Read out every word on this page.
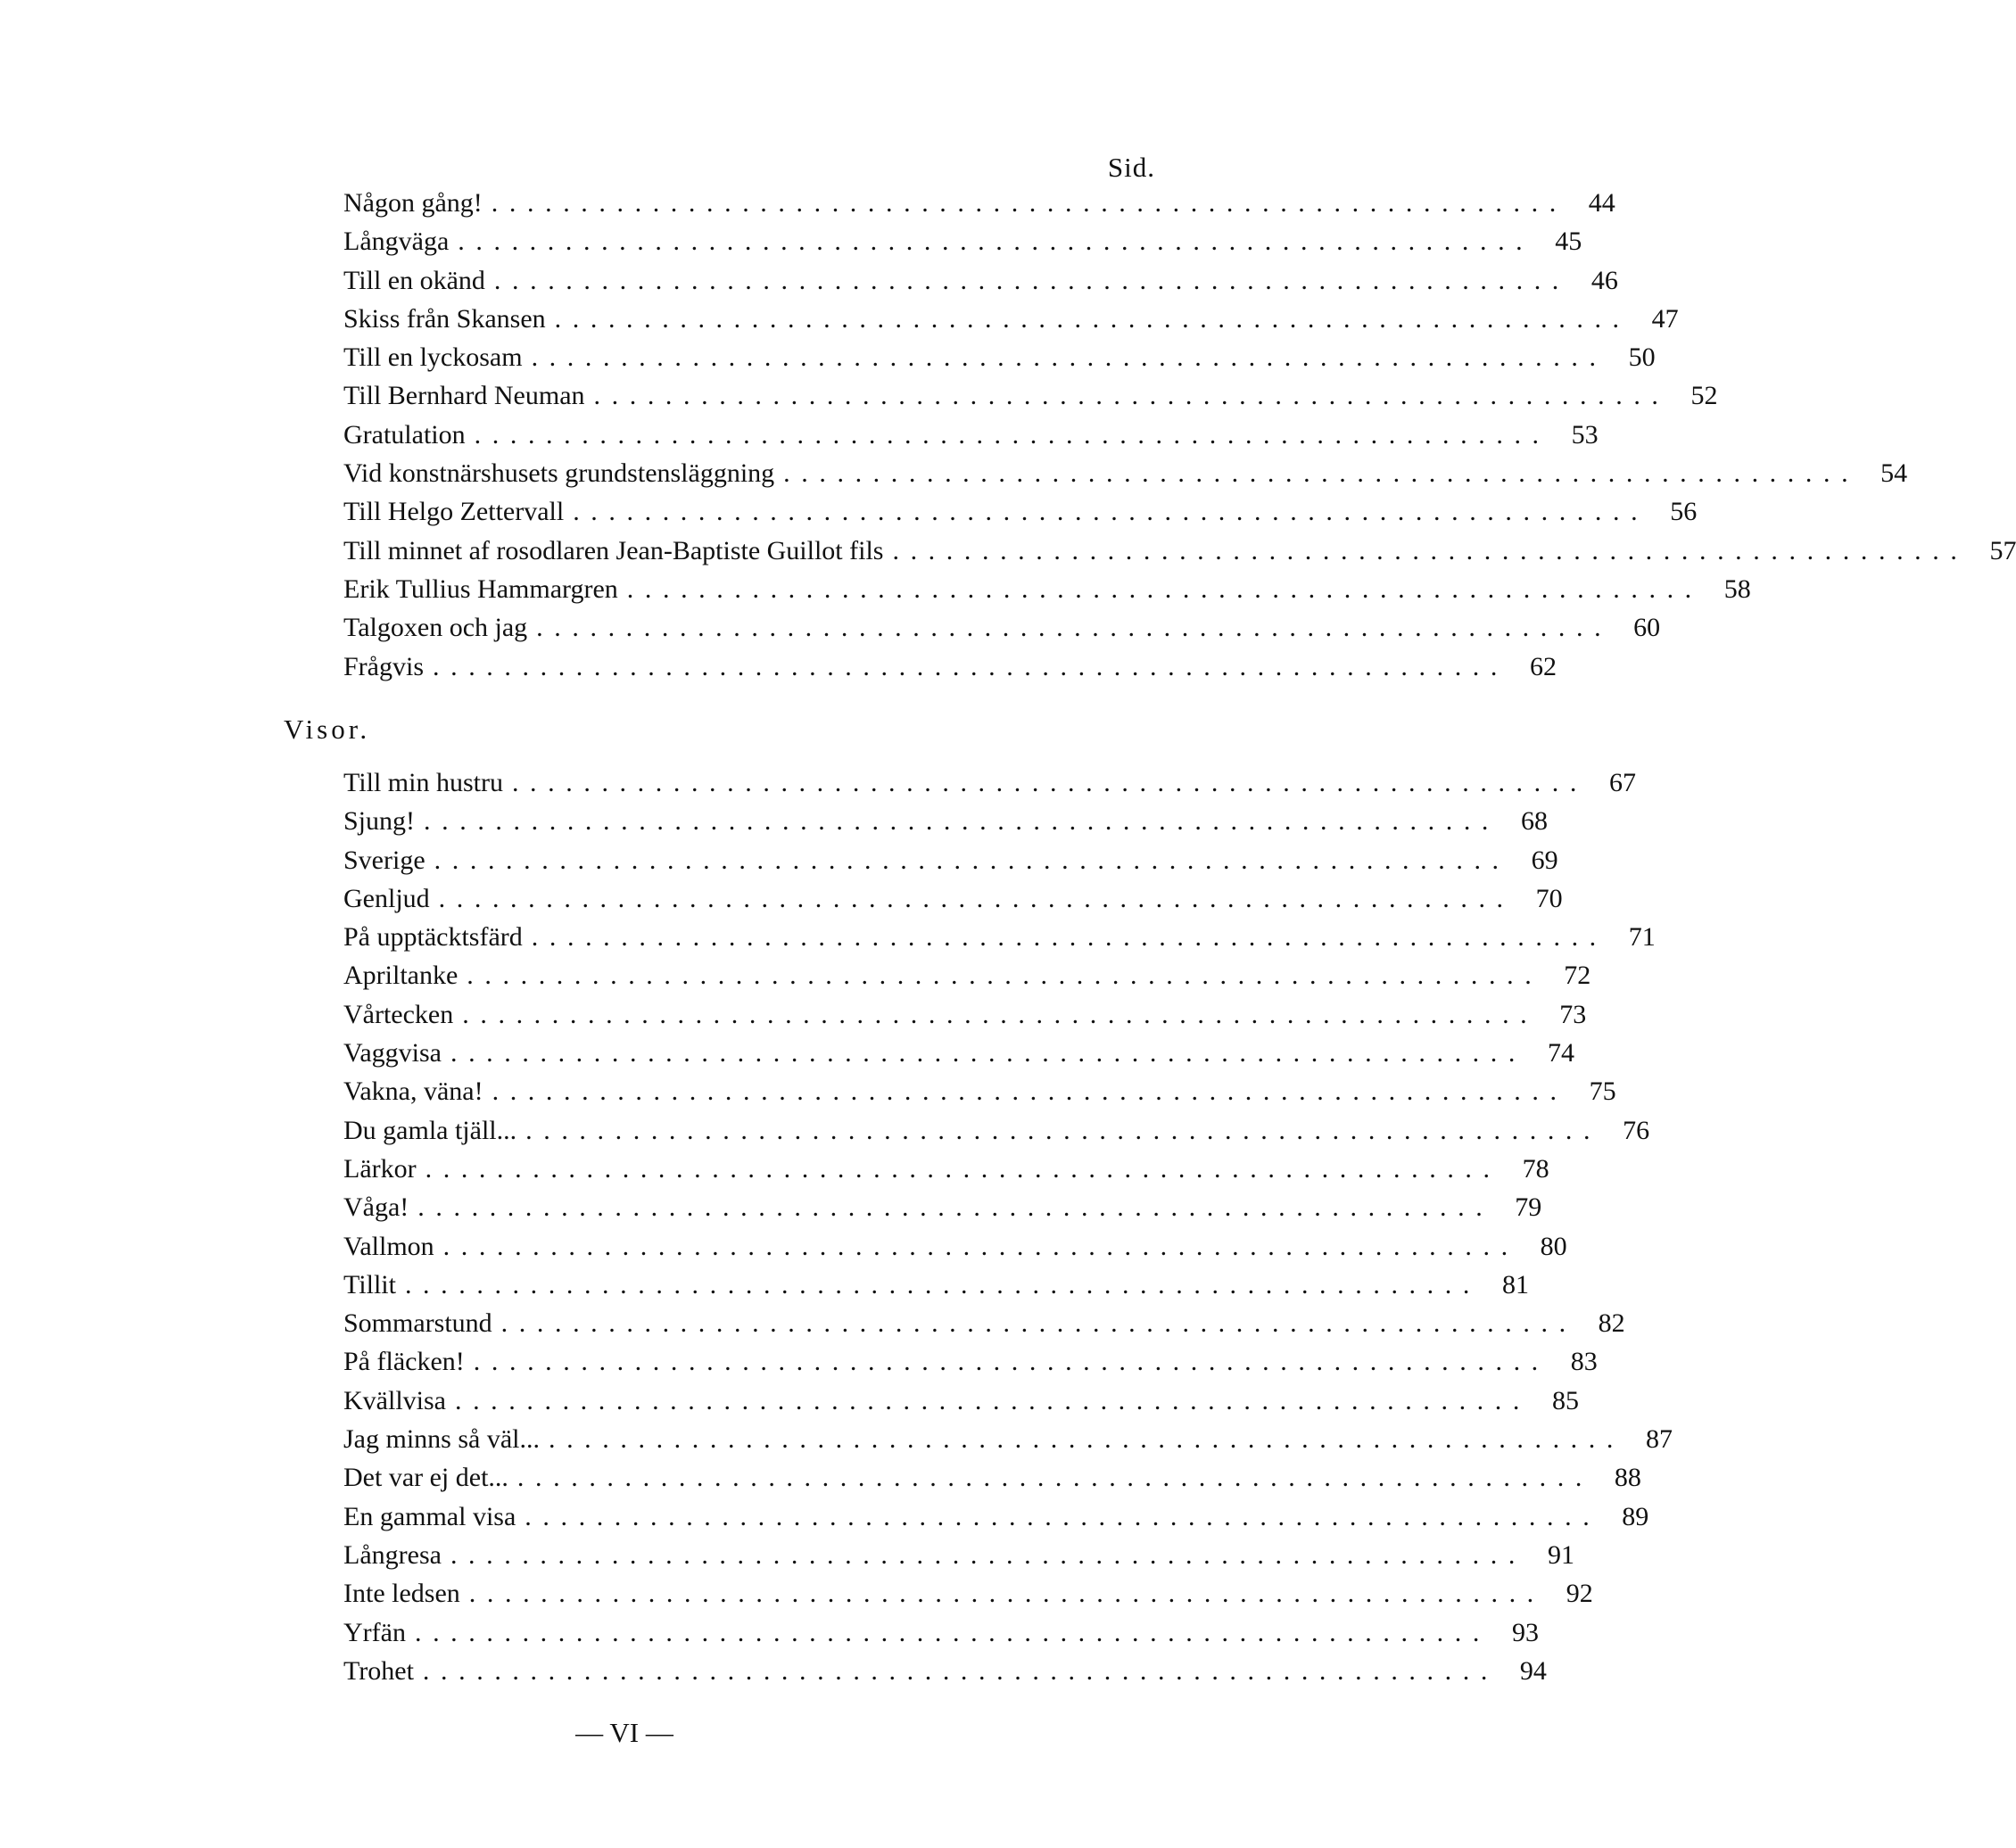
Sid.
Någon gång! ............................................................ 44
Långväga ............................................................ 45
Till en okänd ............................................................ 46
Skiss från Skansen ............................................................ 47
Till en lyckosam ............................................................ 50
Till Bernhard Neuman ............................................................ 52
Gratulation ............................................................ 53
Vid konstnärshusets grundstensläggning ............................................................ 54
Till Helgo Zettervall ............................................................ 56
Till minnet af rosodlaren Jean-Baptiste Guillot fils ............................................................ 57
Erik Tullius Hammargren ............................................................ 58
Talgoxen och jag ............................................................ 60
Frågvis ............................................................ 62
Visor.
Till min hustru ............................................................ 67
Sjung! ............................................................ 68
Sverige ............................................................ 69
Genljud ............................................................ 70
På upptäcktsfärd ............................................................ 71
Apriltanke ............................................................ 72
Vårtecken ............................................................ 73
Vaggvisa ............................................................ 74
Vakna, väna! ............................................................ 75
Du gamla tjäll... ............................................................ 76
Lärkor ............................................................ 78
Våga! ............................................................ 79
Vallmon ............................................................ 80
Tillit ............................................................ 81
Sommarstund ............................................................ 82
På fläcken! ............................................................ 83
Kvällvisa ............................................................ 85
Jag minns så väl... ............................................................ 87
Det var ej det... ............................................................ 88
En gammal visa ............................................................ 89
Långresa ............................................................ 91
Inte ledsen ............................................................ 92
Yrfän ............................................................ 93
Trohet ............................................................ 94
— VI —
